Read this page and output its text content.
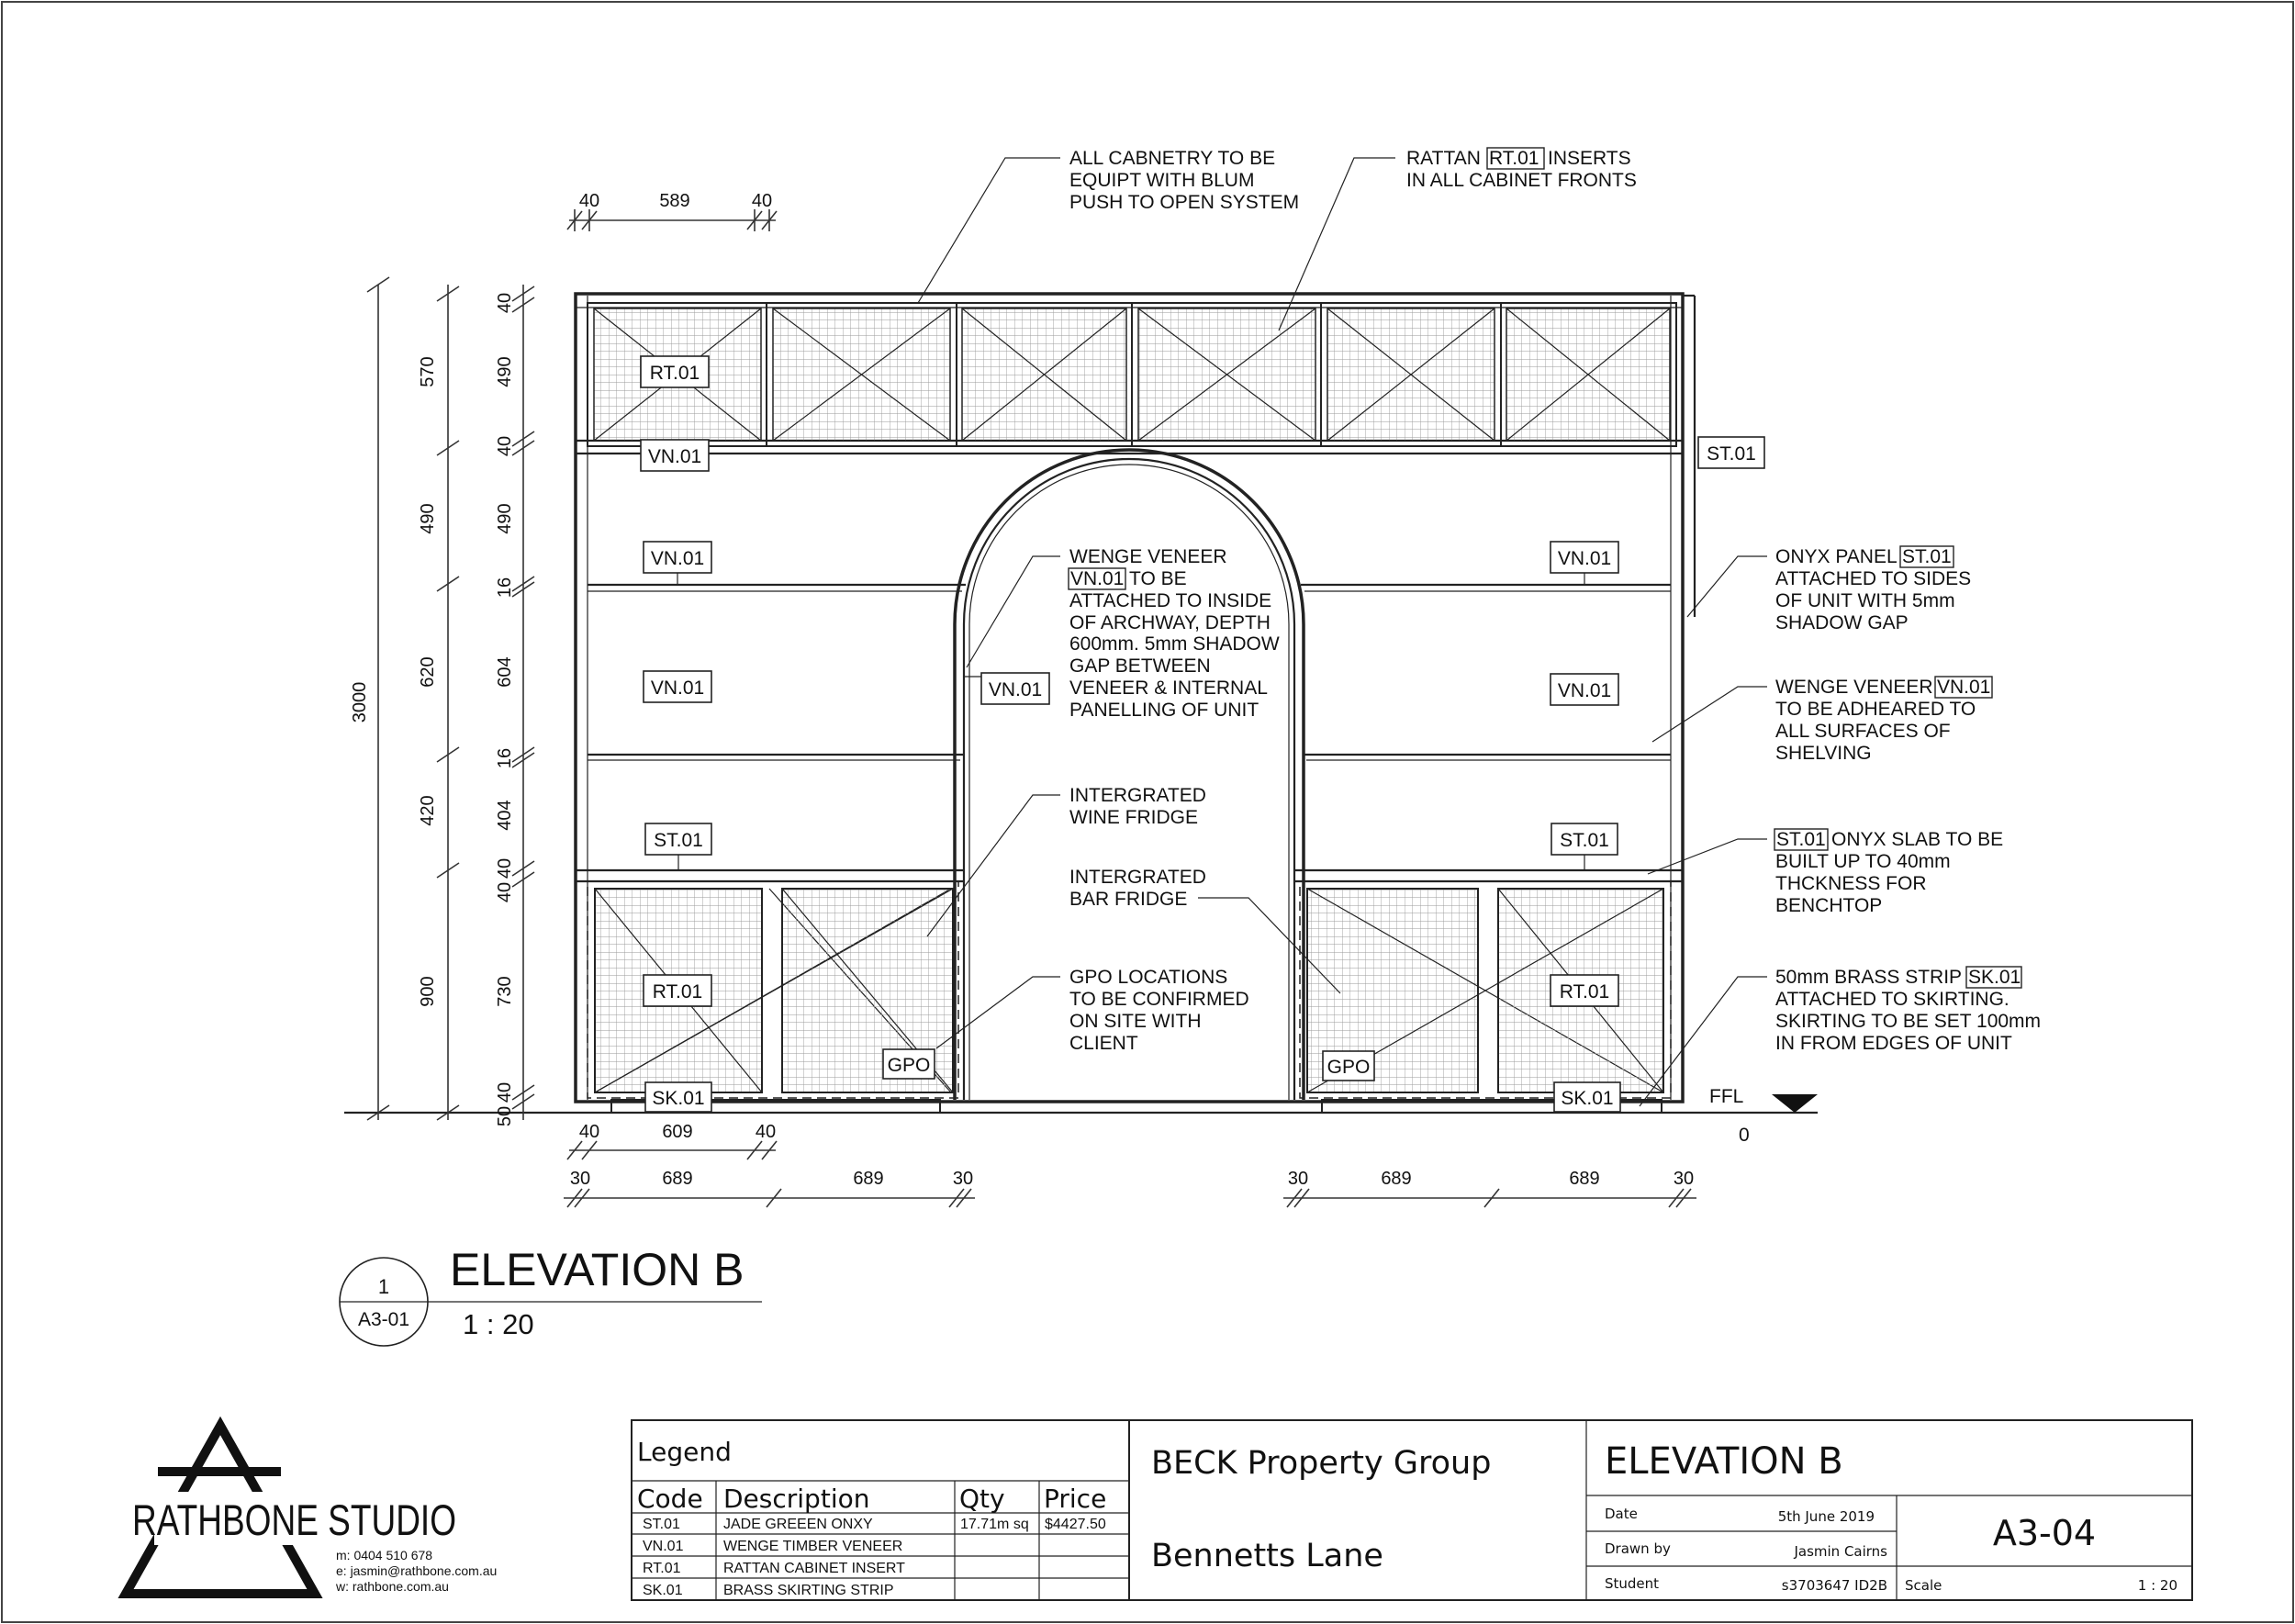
RT.01
VN.01	ST.01
VN.01	VN.01
VN.01	VN.01	VN.01
ST.01	ST.01
RT.01	RT.01
GPO	GPO
SK.01	SK.01	FFL
0
40	589	40
40	609	40
30	689	689	30	30	689	689	30
3000
570
490
620
420
900
40
490
40
490
16
604
16
404
40
40
730
40
50
ALL CABNETRY TO BE
EQUIPT WITH BLUM
PUSH TO OPEN SYSTEM
RATTAN RT.01 INSERTS
IN ALL CABINET FRONTS
WENGE VENEER
VN.01 TO BE
ATTACHED TO INSIDE
OF ARCHWAY, DEPTH
600mm. 5mm SHADOW
GAP BETWEEN
VENEER & INTERNAL
PANELLING OF UNIT
INTERGRATED
WINE FRIDGE
INTERGRATED
BAR FRIDGE
GPO LOCATIONS
TO BE CONFIRMED
ON SITE WITH
CLIENT
ONYX PANEL ST.01
ATTACHED TO SIDES
OF UNIT WITH 5mm
SHADOW GAP
WENGE VENEER VN.01
TO BE ADHEARED TO
ALL SURFACES OF
SHELVING
ST.01 ONYX SLAB TO BE
BUILT UP TO 40mm
THCKNESS FOR
BENCHTOP
50mm BRASS STRIP SK.01
ATTACHED TO SKIRTING.
SKIRTING TO BE SET 100mm
IN FROM EDGES OF UNIT
1
A3-01
ELEVATION B
1 : 20
RATHBONE STUDIO
m: 0404 510 678
e: jasmin@rathbone.com.au
w: rathbone.com.au
Legend
Code Description	Qty Price
ST.01	JADE GREEEN ONXY	17.71m sq $4427.50
VN.01	WENGE TIMBER VENEER
RT.01	RATTAN CABINET INSERT
SK.01	BRASS SKIRTING STRIP
BECK Property Group
Bennetts Lane
ELEVATION B
Date	5th June 2019
Drawn by	Jasmin Cairns
Student	s3703647 ID2B
A3-04
Scale	1 : 20
